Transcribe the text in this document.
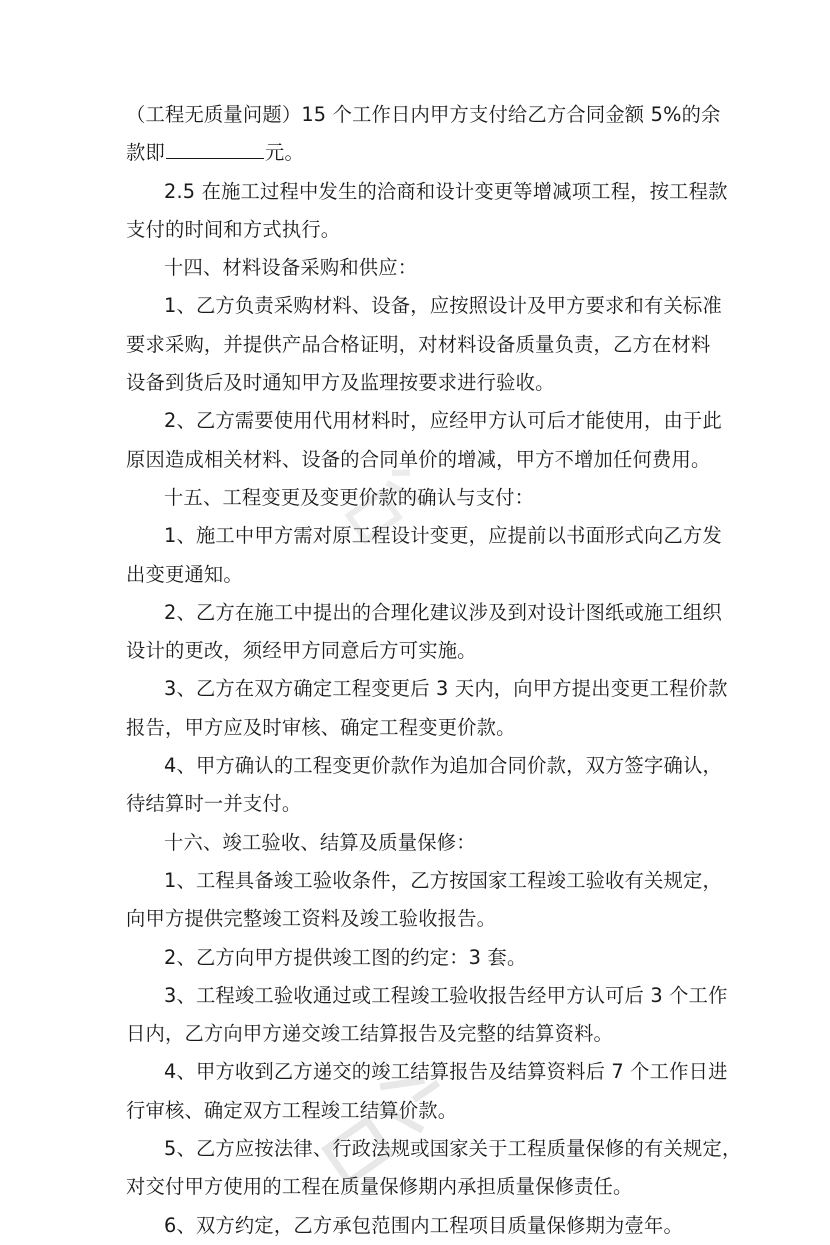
（工程无质量问题）15 个工作日内甲方支付给乙方合同金额 5%的余
款即	元。
2.5 在施工过程中发生的洽商和设计变更等增减项工程，按工程款
支付的时间和方式执行。
十四、材料设备采购和供应：
1、乙方负责采购材料、设备，应按照设计及甲方要求和有关标准
要求采购，并提供产品合格证明，对材料设备质量负责，乙方在材料
设备到货后及时通知甲方及监理按要求进行验收。
2、乙方需要使用代用材料时，应经甲方认可后才能使用，由于此
原因造成相关材料、设备的合同单价的增减，甲方不增加任何费用。
十五、工程变更及变更价款的确认与支付：
1、施工中甲方需对原工程设计变更，应提前以书面形式向乙方发
出变更通知。
2、乙方在施工中提出的合理化建议涉及到对设计图纸或施工组织
设计的更改，须经甲方同意后方可实施。
3、乙方在双方确定工程变更后 3 天内，向甲方提出变更工程价款
报告，甲方应及时审核、确定工程变更价款。
4、甲方确认的工程变更价款作为追加合同价款，双方签字确认，
待结算时一并支付。
十六、竣工验收、结算及质量保修：
1、工程具备竣工验收条件，乙方按国家工程竣工验收有关规定，
向甲方提供完整竣工资料及竣工验收报告。
2、乙方向甲方提供竣工图的约定：3 套。
3、工程竣工验收通过或工程竣工验收报告经甲方认可后 3 个工作
日内，乙方向甲方递交竣工结算报告及完整的结算资料。
4、甲方收到乙方递交的竣工结算报告及结算资料后 7 个工作日进
行审核、确定双方工程竣工结算价款。
5、乙方应按法律、行政法规或国家关于工程质量保修的有关规定，
对交付甲方使用的工程在质量保修期内承担质量保修责任。
6、双方约定，乙方承包范围内工程项目质量保修期为壹年。
